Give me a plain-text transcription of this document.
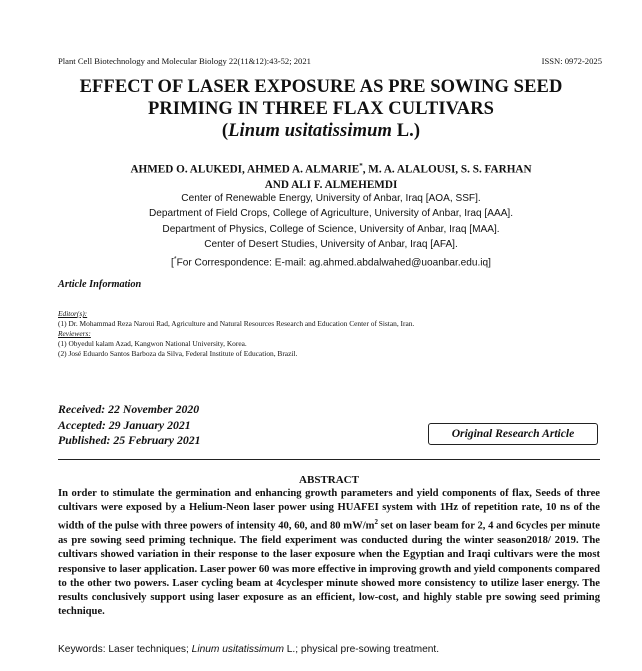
Plant Cell Biotechnology and Molecular Biology 22(11&12):43-52; 2021	ISSN: 0972-2025
EFFECT OF LASER EXPOSURE AS PRE SOWING SEED
PRIMING IN THREE FLAX CULTIVARS
(Linum usitatissimum L.)
AHMED O. ALUKEDI, AHMED A. ALMARIE*, M. A. ALALOUSI, S. S. FARHAN
AND ALI F. ALMEHEMDI
Center of Renewable Energy, University of Anbar, Iraq [AOA, SSF].
Department of Field Crops, College of Agriculture, University of Anbar, Iraq [AAA].
Department of Physics, College of Science, University of Anbar, Iraq [MAA].
Center of Desert Studies, University of Anbar, Iraq [AFA].
[*For Correspondence: E-mail: ag.ahmed.abdalwahed@uoanbar.edu.iq]
Article Information
Editor(s):
(1) Dr. Mohammad Reza Naroui Rad, Agriculture and Natural Resources Research and Education Center of Sistan, Iran.
Reviewers:
(1) Obyedul kalam Azad, Kangwon National University, Korea.
(2) José Eduardo Santos Barboza da Silva, Federal Institute of Education, Brazil.
Received: 22 November 2020
Accepted: 29 January 2021
Published: 25 February 2021	Original Research Article
ABSTRACT
In order to stimulate the germination and enhancing growth parameters and yield components of flax, Seeds of three cultivars were exposed by a Helium-Neon laser power using HUAFEI system with 1Hz of repetition rate, 10 ns of the width of the pulse with three powers of intensity 40, 60, and 80 $mW/m^2$ set on laser beam for 2, 4 and 6cycles per minute as pre sowing seed priming technique. The field experiment was conducted during the winter season2018/ 2019. The cultivars showed variation in their response to the laser exposure when the Egyptian and Iraqi cultivars were the most responsive to laser application. Laser power 60 was more effective in improving growth and yield components compared to the other two powers. Laser cycling beam at 4cyclesper minute showed more consistency to utilize laser energy. The results conclusively support using laser exposure as an efficient, low-cost, and highly stable pre sowing seed priming technique.
Keywords: Laser techniques; Linum usitatissimum L.; physical pre-sowing treatment.
